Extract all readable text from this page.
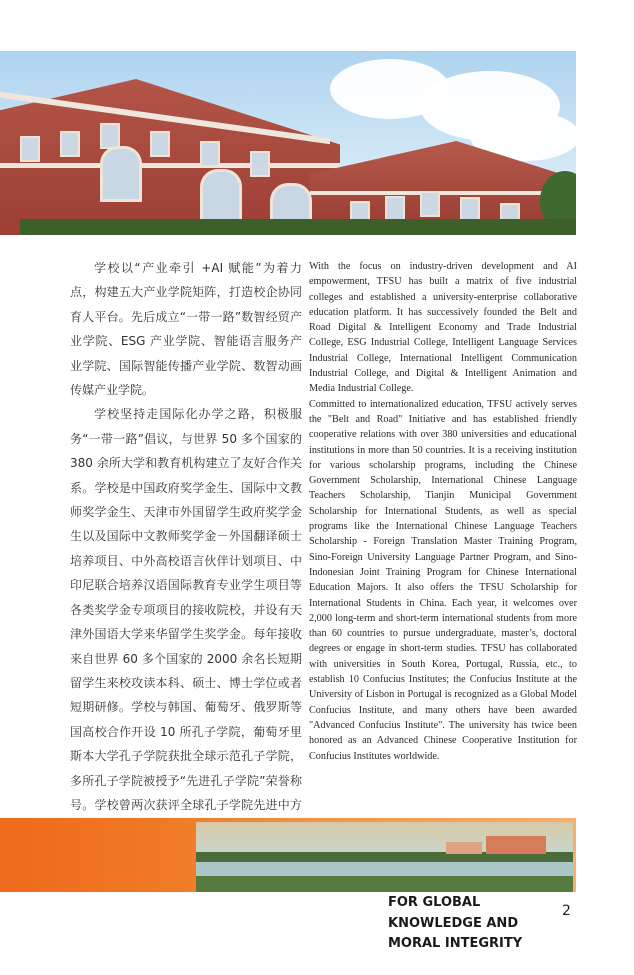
学校以“产业牵引 +AI 赋能”为着力点，构建五大产业学院矩阵，打造校企协同育人平台。先后成立“一带一路”数智经贸产业学院、ESG 产业学院、智能语言服务产业学院、国际智能传播产业学院、数智动画传媒产业学院。

学校坚持走国际化办学之路，积极服务“一带一路”倡议，与世界 50 多个国家的 380 余所大学和教育机构建立了友好合作关系。学校是中国政府奖学金生、国际中文教师奖学金生、天津市外国留学生政府奖学金生以及国际中文教师奖学金－外国翻译硕士培养项目、中外高校语言伙伴计划项目、中印尼联合培养汉语国际教育专业学生项目等各类奖学金专项项目的接收院校，并设有天津外国语大学来华留学生奖学金。每年接收来自世界 60 多个国家的 2000 余名长短期留学生来校攻读本科、硕士、博士学位或者短期研修。学校与韩国、葡萄牙、俄罗斯等国高校合作开设 10 所孔子学院，葡萄牙里斯本大学孔子学院获批全球示范孔子学院，多所孔子学院被授予“先进孔子学院”荣誉称号。学校曾两次获评全球孔子学院先进中方

With the focus on industry-driven development and AI empowerment, TFSU has built a matrix of five industrial colleges and established a university-enterprise collaborative education platform. It has successively founded the Belt and Road Digital & Intelligent Economy and Trade Industrial College, ESG Industrial College, Intelligent Language Services Industrial College, International Intelligent Communication Industrial College, and Digital & Intelligent Animation and Media Industrial College.

Committed to internationalized education, TFSU actively serves the "Belt and Road" Initiative and has established friendly cooperative relations with over 380 universities and educational institutions in more than 50 countries. It is a receiving institution for various scholarship programs, including the Chinese Government Scholarship, International Chinese Language Teachers Scholarship, Tianjin Municipal Government Scholarship for International Students, as well as special programs like the International Chinese Language Teachers Scholarship - Foreign Translation Master Training Program, Sino-Foreign University Language Partner Program, and Sino-Indonesian Joint Training Program for Chinese International Education Majors. It also offers the TFSU Scholarship for International Students in China. Each year, it welcomes over 2,000 long-term and short-term international students from more than 60 countries to pursue undergraduate, master’s, doctoral degrees or engage in short-term studies. TFSU has collaborated with universities in South Korea, Portugal, Russia, etc., to establish 10 Confucius Institutes; the Confucius Institute at the University of Lisbon in Portugal is recognized as a Global Model Confucius Institute, and many others have been awarded "Advanced Confucius Institute". The university has twice been honored as an Advanced Chinese Cooperative Institution for Confucius Institutes worldwide.

FOR GLOBAL
KNOWLEDGE AND
MORAL INTEGRITY
2
